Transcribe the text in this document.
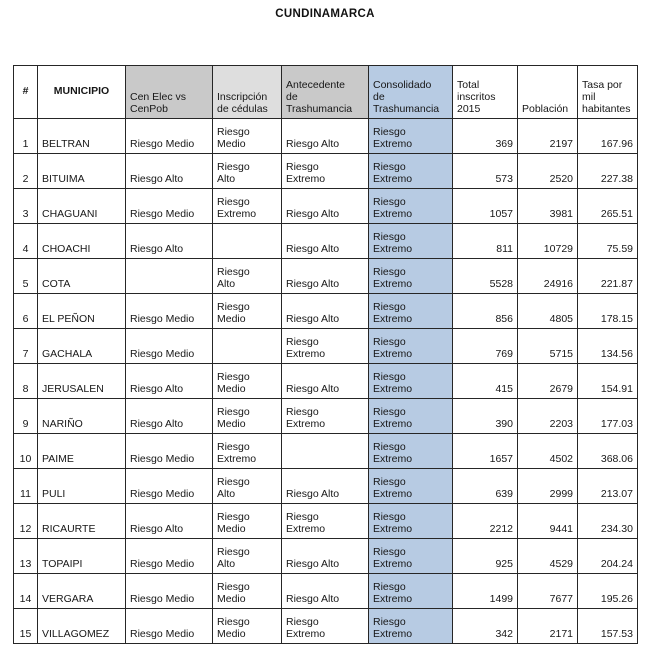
CUNDINAMARCA
#	MUNICIPIO	Cen Elec vs CenPob	Inscripción de cédulas	Antecedente de Trashumancia	Consolidado de Trashumancia	Total inscritos 2015	Población	Tasa por mil habitantes
1	BELTRAN	Riesgo Medio	Riesgo Medio	Riesgo Alto	Riesgo Extremo	369	2197	167.96
2	BITUIMA	Riesgo Alto	Riesgo Alto	Riesgo Extremo	Riesgo Extremo	573	2520	227.38
3	CHAGUANI	Riesgo Medio	Riesgo Extremo	Riesgo Alto	Riesgo Extremo	1057	3981	265.51
4	CHOACHI	Riesgo Alto		Riesgo Alto	Riesgo Extremo	811	10729	75.59
5	COTA		Riesgo Alto	Riesgo Alto	Riesgo Extremo	5528	24916	221.87
6	EL PEÑON	Riesgo Medio	Riesgo Medio	Riesgo Alto	Riesgo Extremo	856	4805	178.15
7	GACHALA	Riesgo Medio		Riesgo Extremo	Riesgo Extremo	769	5715	134.56
8	JERUSALEN	Riesgo Alto	Riesgo Medio	Riesgo Alto	Riesgo Extremo	415	2679	154.91
9	NARIÑO	Riesgo Alto	Riesgo Medio	Riesgo Extremo	Riesgo Extremo	390	2203	177.03
10	PAIME	Riesgo Medio	Riesgo Extremo		Riesgo Extremo	1657	4502	368.06
11	PULI	Riesgo Medio	Riesgo Alto	Riesgo Alto	Riesgo Extremo	639	2999	213.07
12	RICAURTE	Riesgo Alto	Riesgo Medio	Riesgo Extremo	Riesgo Extremo	2212	9441	234.30
13	TOPAIPI	Riesgo Medio	Riesgo Alto	Riesgo Alto	Riesgo Extremo	925	4529	204.24
14	VERGARA	Riesgo Medio	Riesgo Medio	Riesgo Alto	Riesgo Extremo	1499	7677	195.26
15	VILLAGOMEZ	Riesgo Medio	Riesgo Medio	Riesgo Extremo	Riesgo Extremo	342	2171	157.53
